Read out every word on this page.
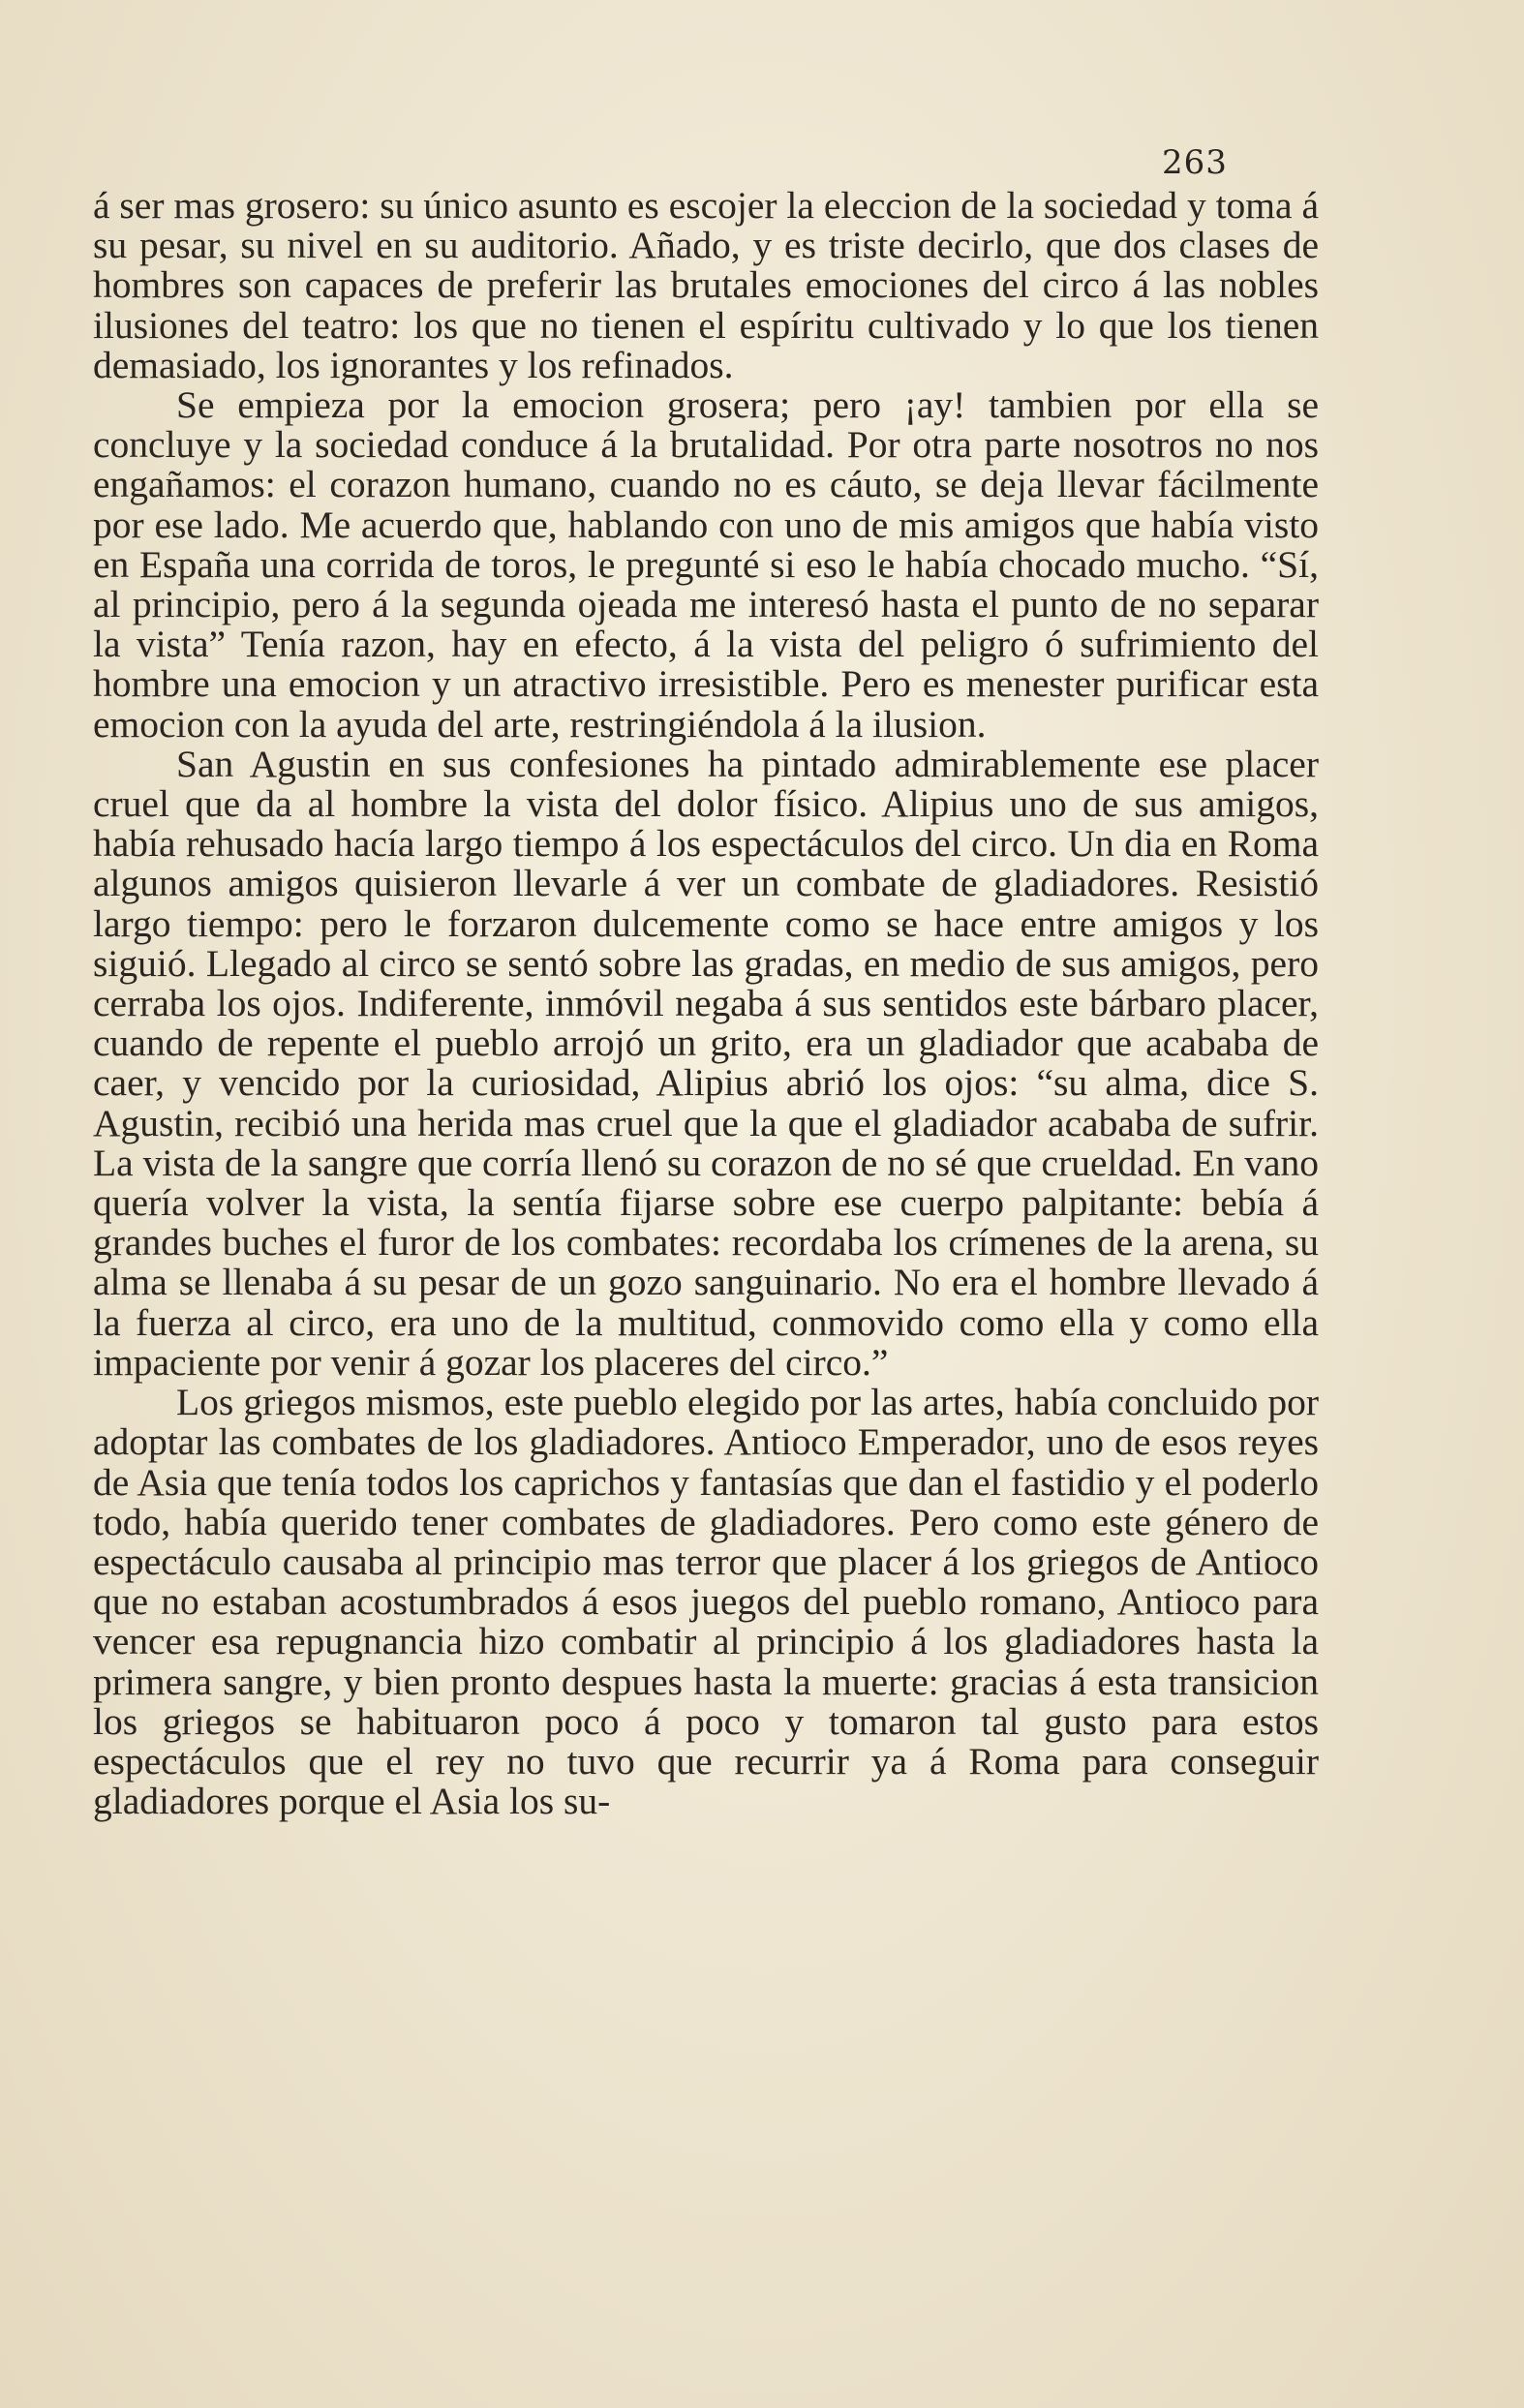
263

á ser mas grosero: su único asunto es escojer la eleccion de la sociedad y toma á su pesar, su nivel en su auditorio. Añado, y es triste decirlo, que dos clases de hombres son capaces de preferir las brutales emociones del circo á las nobles ilusiones del teatro: los que no tienen el espíritu cultivado y lo que los tienen demasiado, los ignorantes y los refinados.

Se empieza por la emocion grosera; pero ¡ay! tambien por ella se concluye y la sociedad conduce á la brutalidad. Por otra parte nosotros no nos engañamos: el corazon humano, cuando no es cáuto, se deja llevar fácilmente por ese lado. Me acuerdo que, hablando con uno de mis amigos que había visto en España una corrida de toros, le pregunté si eso le había chocado mucho. “Sí, al principio, pero á la segunda ojeada me interesó hasta el punto de no separar la vista” Tenía razon, hay en efecto, á la vista del peligro ó sufrimiento del hombre una emocion y un atractivo irresistible. Pero es menester purificar esta emocion con la ayuda del arte, restringiéndola á la ilusion.

San Agustin en sus confesiones ha pintado admirablemente ese placer cruel que da al hombre la vista del dolor físico. Alipius uno de sus amigos, había rehusado hacía largo tiempo á los espectáculos del circo. Un dia en Roma algunos amigos quisieron llevarle á ver un combate de gladiadores. Resistió largo tiempo: pero le forzaron dulcemente como se hace entre amigos y los siguió. Llegado al circo se sentó sobre las gradas, en medio de sus amigos, pero cerraba los ojos. Indiferente, inmóvil negaba á sus sentidos este bárbaro placer, cuando de repente el pueblo arrojó un grito, era un gladiador que acababa de caer, y vencido por la curiosidad, Alipius abrió los ojos: “su alma, dice S. Agustin, recibió una herida mas cruel que la que el gladiador acababa de sufrir. La vista de la sangre que corría llenó su corazon de no sé que crueldad. En vano quería volver la vista, la sentía fijarse sobre ese cuerpo palpitante: bebía á grandes buches el furor de los combates: recordaba los crímenes de la arena, su alma se llenaba á su pesar de un gozo sanguinario. No era el hombre llevado á la fuerza al circo, era uno de la multitud, conmovido como ella y como ella impaciente por venir á gozar los placeres del circo.”

Los griegos mismos, este pueblo elegido por las artes, había concluido por adoptar las combates de los gladiadores. Antioco Emperador, uno de esos reyes de Asia que tenía todos los caprichos y fantasías que dan el fastidio y el poderlo todo, había querido tener combates de gladiadores. Pero como este género de espectáculo causaba al principio mas terror que placer á los griegos de Antioco que no estaban acostumbrados á esos juegos del pueblo romano, Antioco para vencer esa repugnancia hizo combatir al principio á los gladiadores hasta la primera sangre, y bien pronto despues hasta la muerte: gracias á esta transicion los griegos se habituaron poco á poco y tomaron tal gusto para estos espectáculos que el rey no tuvo que recurrir ya á Roma para conseguir gladiadores porque el Asia los su-
